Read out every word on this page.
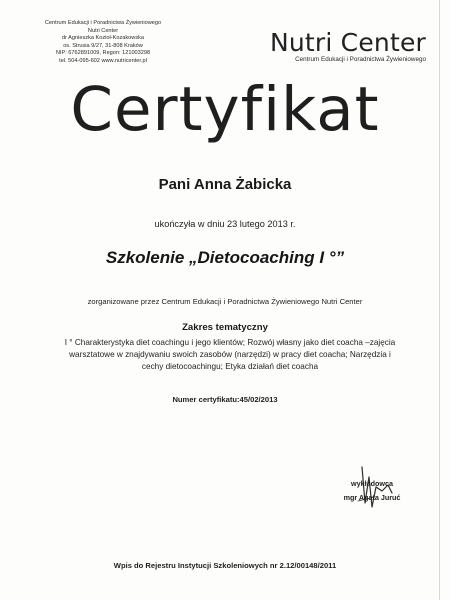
Centrum Edukacji i Poradnictwa Żywieniowego
Nutri Center
dr Agnieszka Kozioł-Kozakowska
os. Strusia 9/27, 31-808 Kraków
NIP: 6762891009, Regon: 121003298
tel. 504-095-602 www.nutricenter.pl
Nutri Center
Centrum Edukacji i Poradnictwa Żywieniowego
Certyfikat
Pani Anna Żabicka
ukończyła w dniu 23 lutego 2013 r.
Szkolenie „Dietocoaching I °”
zorganizowane przez Centrum Edukacji i Poradnictwa Żywieniowego Nutri Center
Zakres tematyczny
I ° Charakterystyka diet coachingu i jego klientów; Rozwój własny jako diet coacha –zajęcia warsztatowe w znajdywaniu swoich zasobów (narzędzi) w pracy diet coacha; Narzędzia i cechy dietocoachingu; Etyka działań diet coacha
Numer certyfikatu:45/02/2013
wykładowca
mgr Agata Juruć
Wpis do Rejestru Instytucji Szkoleniowych nr 2.12/00148/2011
